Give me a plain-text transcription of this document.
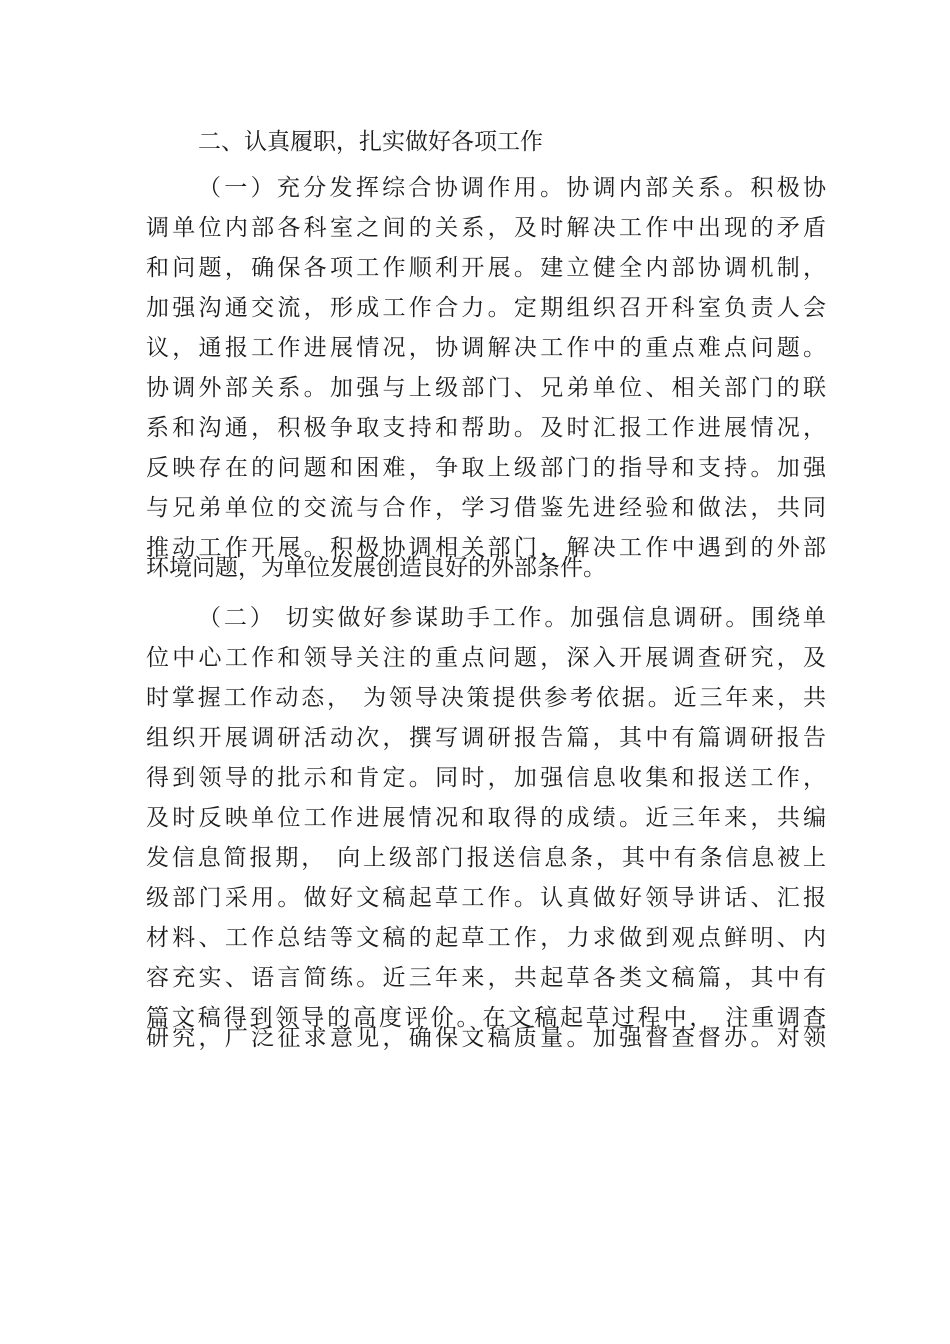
二、认真履职，扎实做好各项工作
（一）充分发挥综合协调作用。协调内部关系。积极协
调单位内部各科室之间的关系，及时解决工作中出现的矛盾
和问题，确保各项工作顺利开展。建立健全内部协调机制，
加强沟通交流，形成工作合力。定期组织召开科室负责人会
议，通报工作进展情况，协调解决工作中的重点难点问题。
协调外部关系。加强与上级部门、兄弟单位、相关部门的联
系和沟通，积极争取支持和帮助。及时汇报工作进展情况，
反映存在的问题和困难，争取上级部门的指导和支持。加强
与兄弟单位的交流与合作，学习借鉴先进经验和做法，共同
推动工作开展。积极协调相关部门，解决工作中遇到的外部
环境问题，为单位发展创造良好的外部条件。
（二） 切实做好参谋助手工作。加强信息调研。围绕单
位中心工作和领导关注的重点问题，深入开展调查研究，及
时掌握工作动态， 为领导决策提供参考依据。近三年来，共
组织开展调研活动次，撰写调研报告篇，其中有篇调研报告
得到领导的批示和肯定。同时，加强信息收集和报送工作，
及时反映单位工作进展情况和取得的成绩。近三年来，共编
发信息简报期， 向上级部门报送信息条，其中有条信息被上
级部门采用。做好文稿起草工作。认真做好领导讲话、汇报
材料、工作总结等文稿的起草工作，力求做到观点鲜明、内
容充实、语言简练。近三年来，共起草各类文稿篇，其中有
篇文稿得到领导的高度评价。在文稿起草过程中， 注重调查
研究，广泛征求意见，确保文稿质量。加强督查督办。对领
